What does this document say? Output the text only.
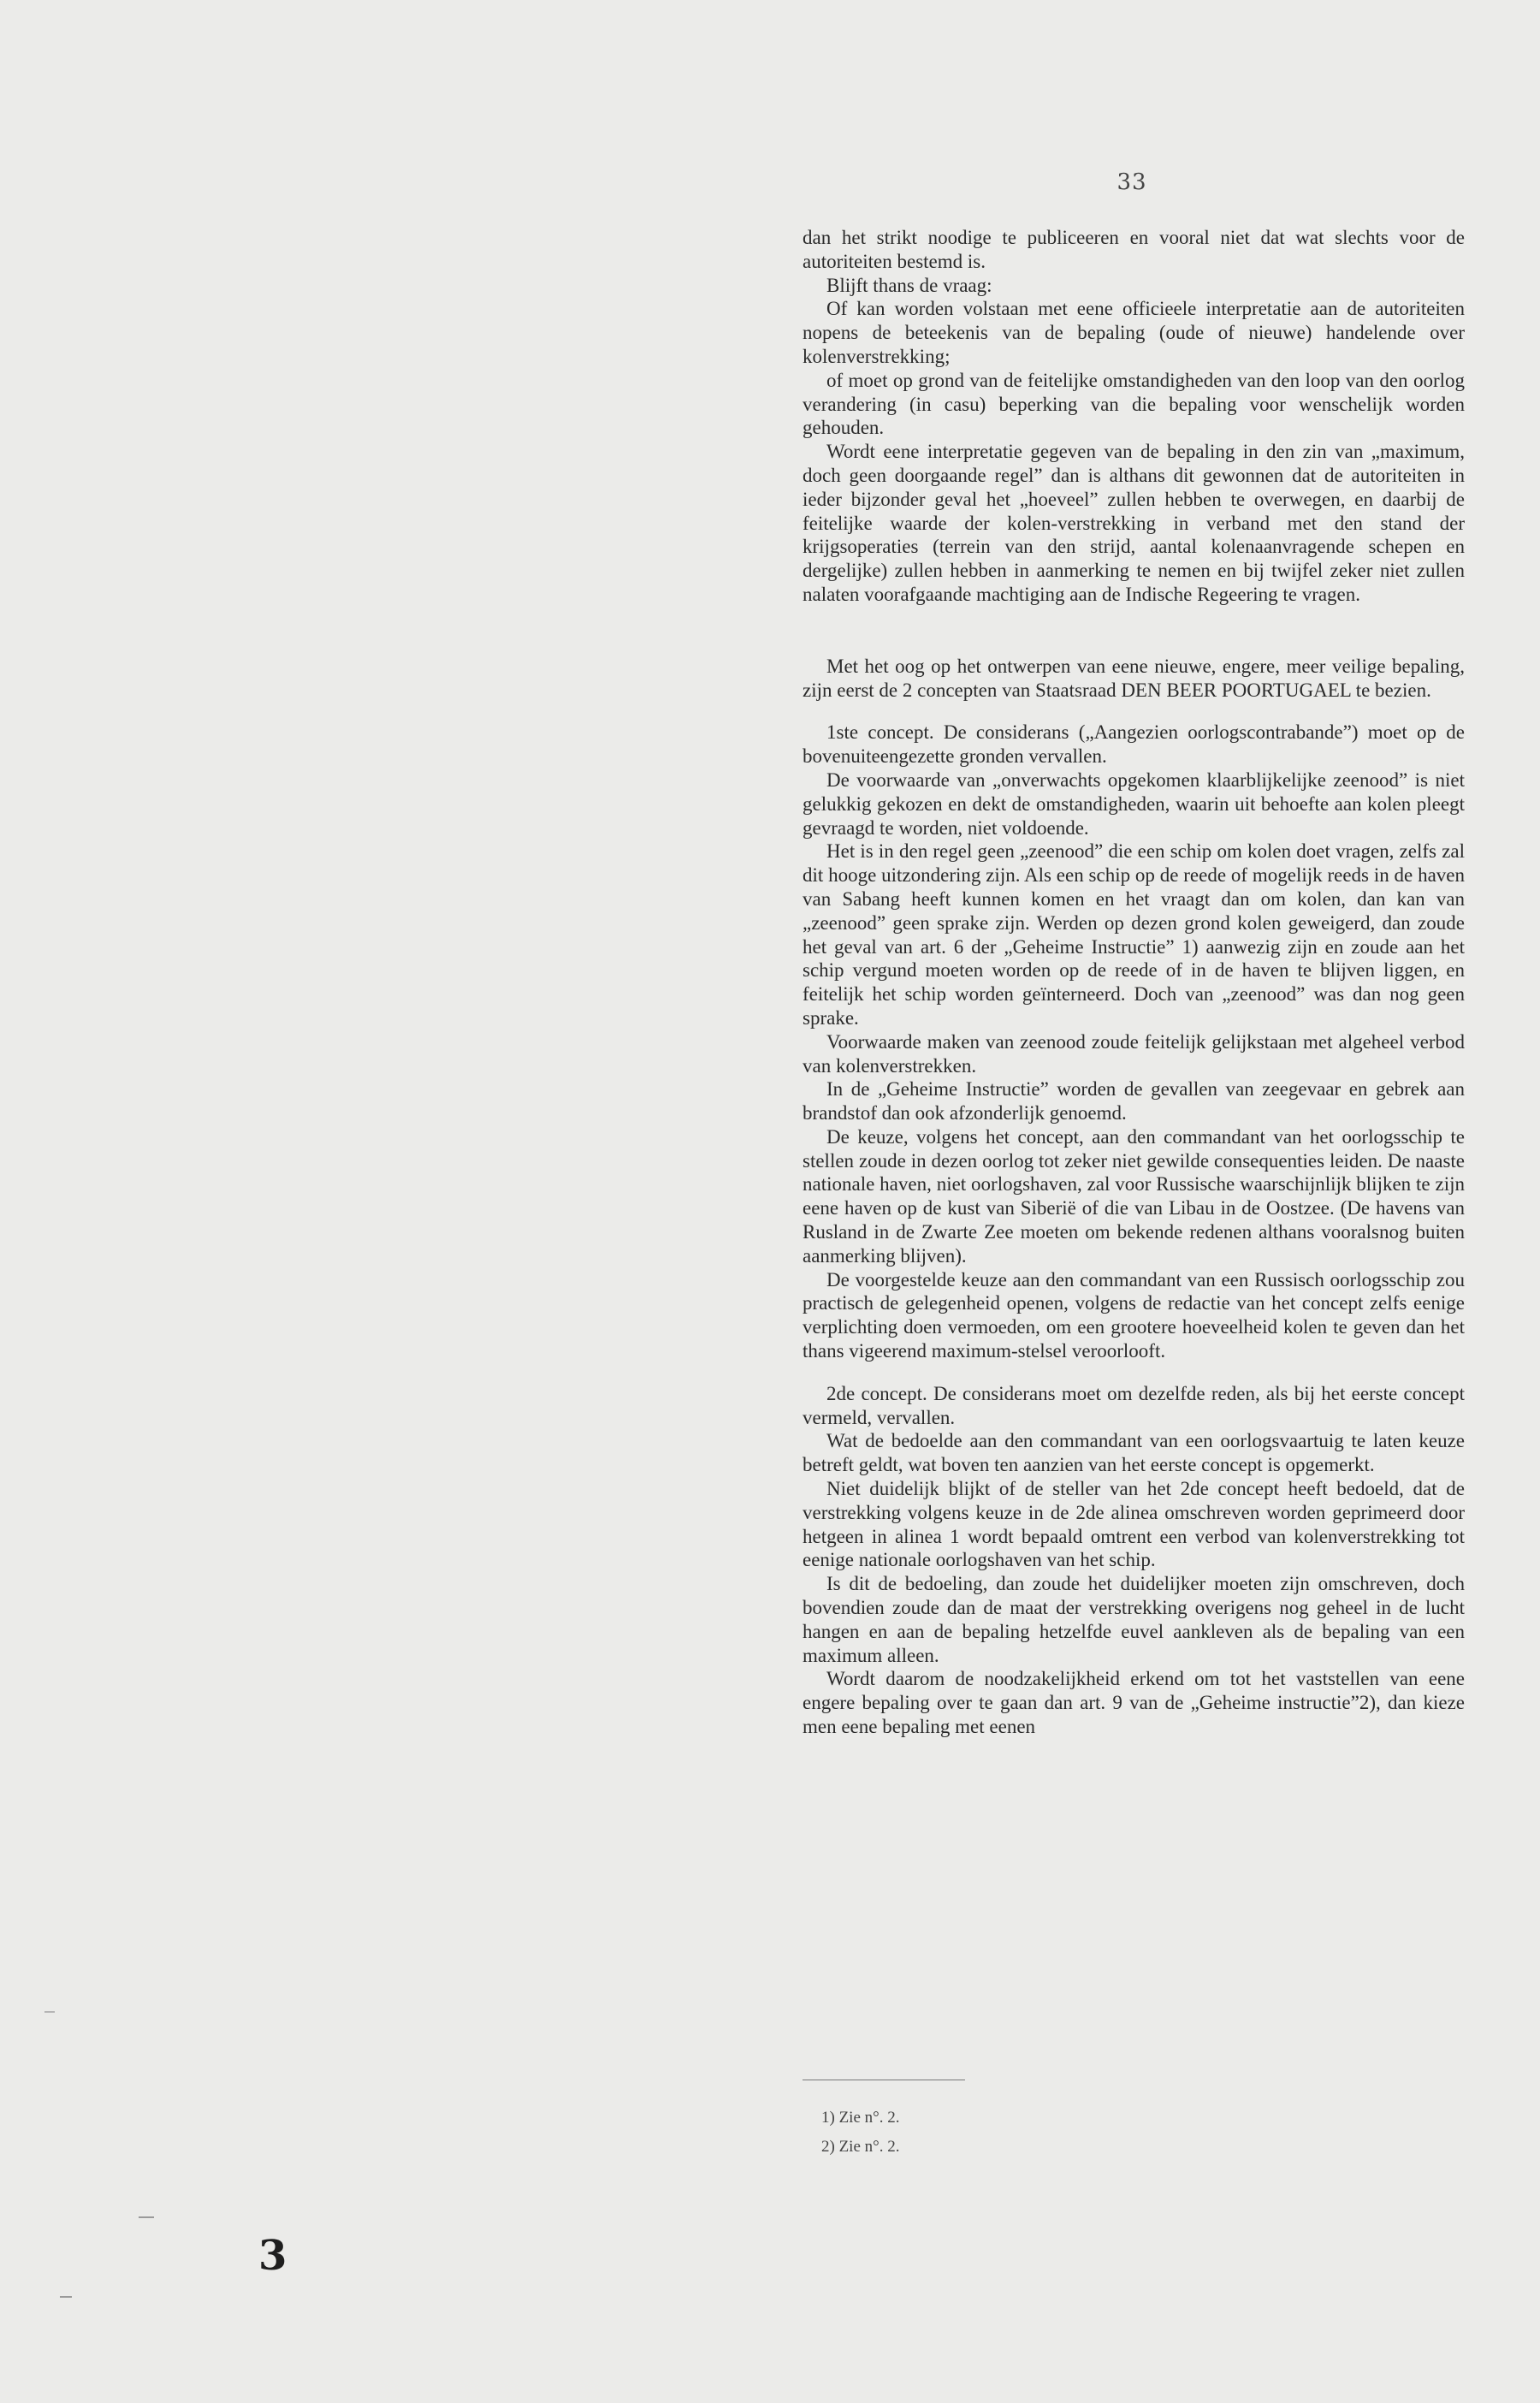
33

dan het strikt noodige te publiceeren en vooral niet dat wat slechts voor de autoriteiten bestemd is.

Blijft thans de vraag:

Of kan worden volstaan met eene officieele interpretatie aan de autoriteiten nopens de beteekenis van de bepaling (oude of nieuwe) handelende over kolenverstrekking;

of moet op grond van de feitelijke omstandigheden van den loop van den oorlog verandering (in casu) beperking van die bepaling voor wenschelijk worden gehouden.

Wordt eene interpretatie gegeven van de bepaling in den zin van „maximum, doch geen doorgaande regel” dan is althans dit gewonnen dat de autoriteiten in ieder bijzonder geval het „hoeveel” zullen hebben te overwegen, en daarbij de feitelijke waarde der kolen-verstrekking in verband met den stand der krijgsoperaties (terrein van den strijd, aantal kolenaanvragende schepen en dergelijke) zullen hebben in aanmerking te nemen en bij twijfel zeker niet zullen nalaten voorafgaande machtiging aan de Indische Regeering te vragen.

Met het oog op het ontwerpen van eene nieuwe, engere, meer veilige bepaling, zijn eerst de 2 concepten van Staatsraad DEN BEER POORTUGAEL te bezien.

1ste concept. De considerans („Aangezien oorlogscontrabande”) moet op de bovenuiteengezette gronden vervallen.

De voorwaarde van „onverwachts opgekomen klaarblijkelijke zeenood” is niet gelukkig gekozen en dekt de omstandigheden, waarin uit behoefte aan kolen pleegt gevraagd te worden, niet voldoende.

Het is in den regel geen „zeenood” die een schip om kolen doet vragen, zelfs zal dit hooge uitzondering zijn. Als een schip op de reede of mogelijk reeds in de haven van Sabang heeft kunnen komen en het vraagt dan om kolen, dan kan van „zeenood” geen sprake zijn. Werden op dezen grond kolen geweigerd, dan zoude het geval van art. 6 der „Geheime Instructie” 1) aanwezig zijn en zoude aan het schip vergund moeten worden op de reede of in de haven te blijven liggen, en feitelijk het schip worden geïnterneerd. Doch van „zeenood” was dan nog geen sprake.

Voorwaarde maken van zeenood zoude feitelijk gelijkstaan met algeheel verbod van kolenverstrekken.

In de „Geheime Instructie” worden de gevallen van zeegevaar en gebrek aan brandstof dan ook afzonderlijk genoemd.

De keuze, volgens het concept, aan den commandant van het oorlogsschip te stellen zoude in dezen oorlog tot zeker niet gewilde consequenties leiden. De naaste nationale haven, niet oorlogshaven, zal voor Russische waarschijnlijk blijken te zijn eene haven op de kust van Siberië of die van Libau in de Oostzee. (De havens van Rusland in de Zwarte Zee moeten om bekende redenen althans vooralsnog buiten aanmerking blijven).

De voorgestelde keuze aan den commandant van een Russisch oorlogsschip zou practisch de gelegenheid openen, volgens de redactie van het concept zelfs eenige verplichting doen vermoeden, om een grootere hoeveelheid kolen te geven dan het thans vigeerend maximum-stelsel veroorlooft.

2de concept. De considerans moet om dezelfde reden, als bij het eerste concept vermeld, vervallen.

Wat de bedoelde aan den commandant van een oorlogsvaartuig te laten keuze betreft geldt, wat boven ten aanzien van het eerste concept is opgemerkt.

Niet duidelijk blijkt of de steller van het 2de concept heeft bedoeld, dat de verstrekking volgens keuze in de 2de alinea omschreven worden geprimeerd door hetgeen in alinea 1 wordt bepaald omtrent een verbod van kolenverstrekking tot eenige nationale oorlogshaven van het schip.

Is dit de bedoeling, dan zoude het duidelijker moeten zijn omschreven, doch bovendien zoude dan de maat der verstrekking overigens nog geheel in de lucht hangen en aan de bepaling hetzelfde euvel aankleven als de bepaling van een maximum alleen.

Wordt daarom de noodzakelijkheid erkend om tot het vaststellen van eene engere bepaling over te gaan dan art. 9 van de „Geheime instructie”2), dan kieze men eene bepaling met eenen

1) Zie n°. 2.
2) Zie n°. 2.
3
